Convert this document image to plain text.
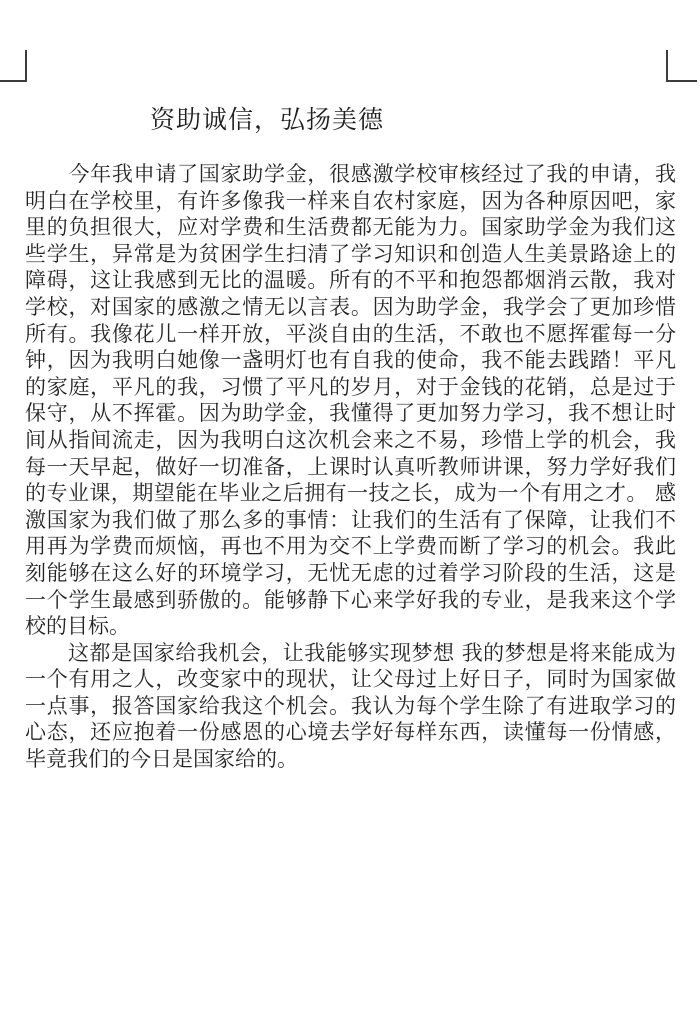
资助诚信，弘扬美德
　　今年我申请了国家助学金，很感激学校审核经过了我的申请，我
明白在学校里，有许多像我一样来自农村家庭，因为各种原因吧，家
里的负担很大，应对学费和生活费都无能为力。国家助学金为我们这
些学生，异常是为贫困学生扫清了学习知识和创造人生美景路途上的
障碍，这让我感到无比的温暖。所有的不平和抱怨都烟消云散，我对
学校，对国家的感激之情无以言表。因为助学金，我学会了更加珍惜
所有。我像花儿一样开放，平淡自由的生活，不敢也不愿挥霍每一分
钟，因为我明白她像一盏明灯也有自我的使命，我不能去践踏！平凡
的家庭，平凡的我，习惯了平凡的岁月，对于金钱的花销，总是过于
保守，从不挥霍。因为助学金，我懂得了更加努力学习，我不想让时
间从指间流走，因为我明白这次机会来之不易，珍惜上学的机会，我
每一天早起，做好一切准备，上课时认真听教师讲课，努力学好我们
的专业课，期望能在毕业之后拥有一技之长，成为一个有用之才。 感
激国家为我们做了那么多的事情：让我们的生活有了保障，让我们不
用再为学费而烦恼，再也不用为交不上学费而断了学习的机会。我此
刻能够在这么好的环境学习，无忧无虑的过着学习阶段的生活，这是
一个学生最感到骄傲的。能够静下心来学好我的专业，是我来这个学
校的目标。
　　这都是国家给我机会，让我能够实现梦想 我的梦想是将来能成为
一个有用之人，改变家中的现状，让父母过上好日子，同时为国家做
一点事，报答国家给我这个机会。我认为每个学生除了有进取学习的
心态，还应抱着一份感恩的心境去学好每样东西，读懂每一份情感，
毕竟我们的今日是国家给的。
